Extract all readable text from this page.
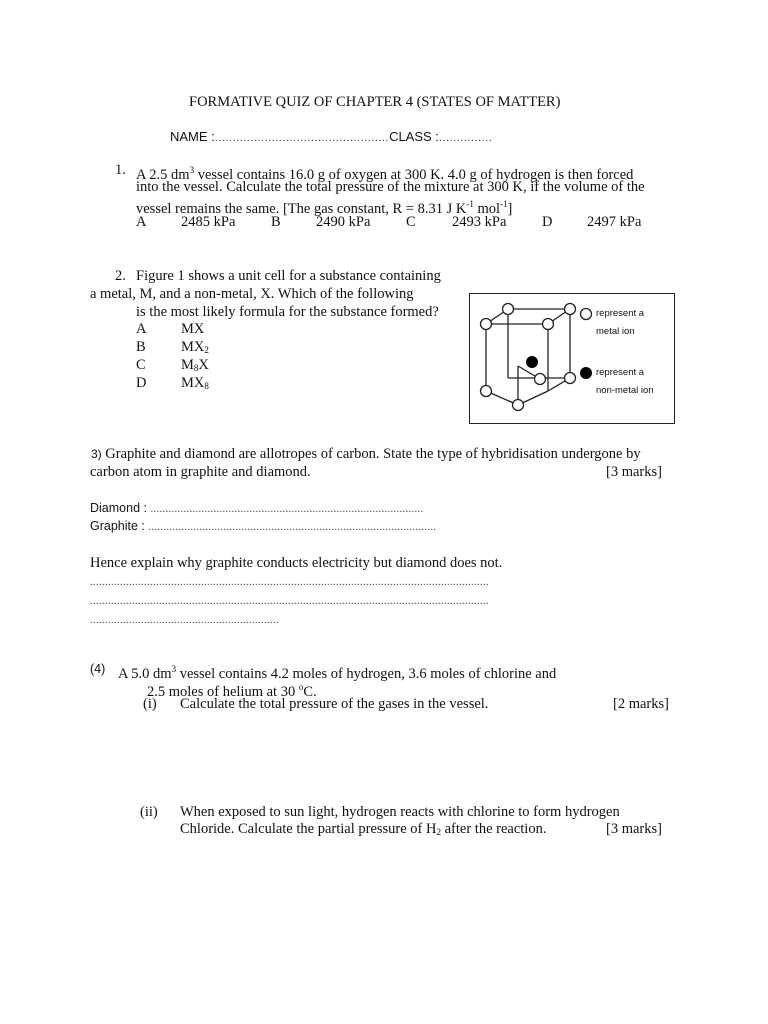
FORMATIVE QUIZ OF CHAPTER 4 (STATES OF MATTER)
NAME :.................................................CLASS :...............
1. A 2.5 $dm^3$ vessel contains 16.0 g of oxygen at 300 K. 4.0 g of hydrogen is then forced
into the vessel. Calculate the total pressure of the mixture at 300 K, if the volume of the
vessel remains the same. [The gas constant, R = 8.31 J $K^{-1}$ mol$^{-1}$]
A 2485 kPa B 2490 kPa C	2493 kPa D 2497 kPa
2. Figure 1 shows a unit cell for a substance containing
a metal, M, and a non-metal, X. Which of the following
is the most likely formula for the substance formed?
A MX
B $MX_2$
C $M_8X$
D $MX_8$
represent a
metal ion
represent a
non-metal ion
3) Graphite and diamond are allotropes of carbon. State the type of hybridisation undergone by
carbon atom in graphite and diamond.	[3 marks]
Diamond : ...........................................................................................
Graphite : ................................................................................................
Hence explain why graphite conducts electricity but diamond does not.
.....................................................................................................................................
.....................................................................................................................................
...............................................................
(4) A 5.0 $dm^3$ vessel contains 4.2 moles of hydrogen, 3.6 moles of chlorine and
2.5 moles of helium at 30 $^o$C.
(i) Calculate the total pressure of the gases in the vessel.	[2 marks]
(ii) When exposed to sun light, hydrogen reacts with chlorine to form hydrogen
Chloride. Calculate the partial pressure of $H_2$ after the reaction.	[3 marks]
